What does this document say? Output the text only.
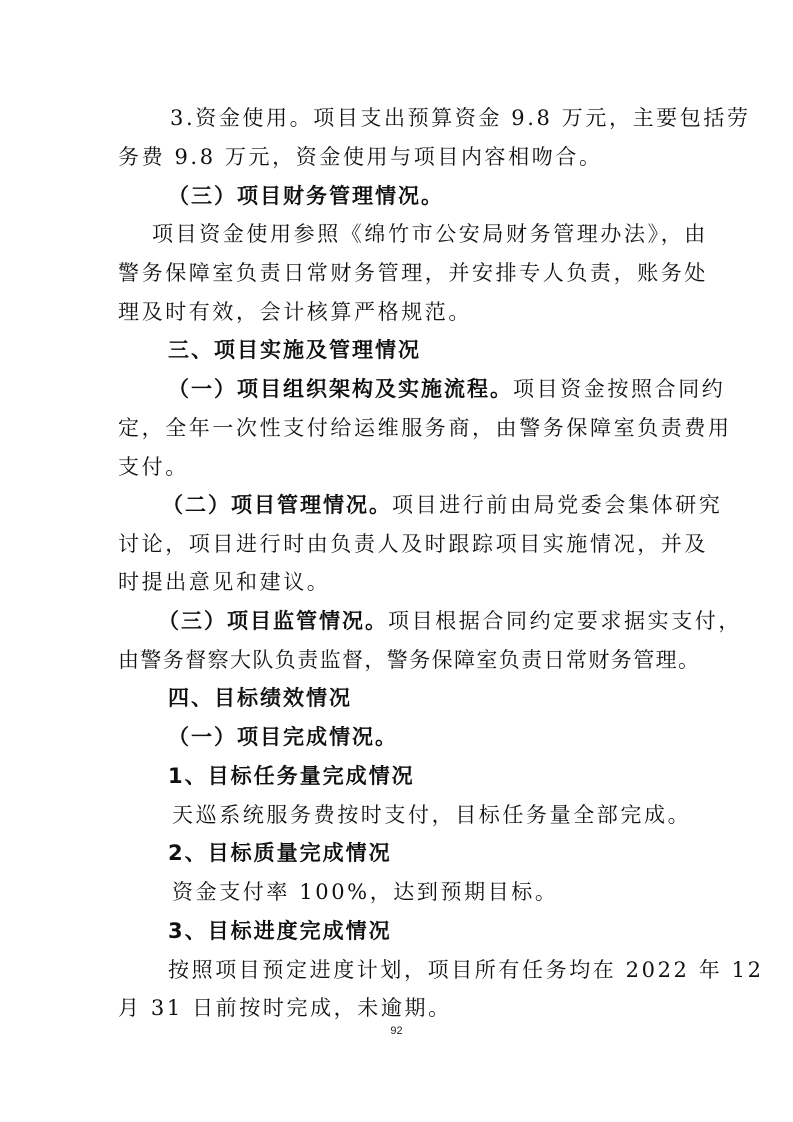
3.资金使用。项目支出预算资金 9.8 万元，主要包括劳
务费 9.8 万元，资金使用与项目内容相吻合。
（三）项目财务管理情况。
项目资金使用参照《绵竹市公安局财务管理办法》，由
警务保障室负责日常财务管理，并安排专人负责，账务处
理及时有效，会计核算严格规范。
三、项目实施及管理情况
（一）项目组织架构及实施流程。项目资金按照合同约
定，全年一次性支付给运维服务商，由警务保障室负责费用
支付。
（二）项目管理情况。项目进行前由局党委会集体研究
讨论，项目进行时由负责人及时跟踪项目实施情况，并及
时提出意见和建议。
（三）项目监管情况。项目根据合同约定要求据实支付，
由警务督察大队负责监督，警务保障室负责日常财务管理。
四、目标绩效情况
（一）项目完成情况。
1、目标任务量完成情况
天巡系统服务费按时支付，目标任务量全部完成。
2、目标质量完成情况
资金支付率 100%，达到预期目标。
3、目标进度完成情况
按照项目预定进度计划，项目所有任务均在 2022 年 12
月 31 日前按时完成，未逾期。
92
